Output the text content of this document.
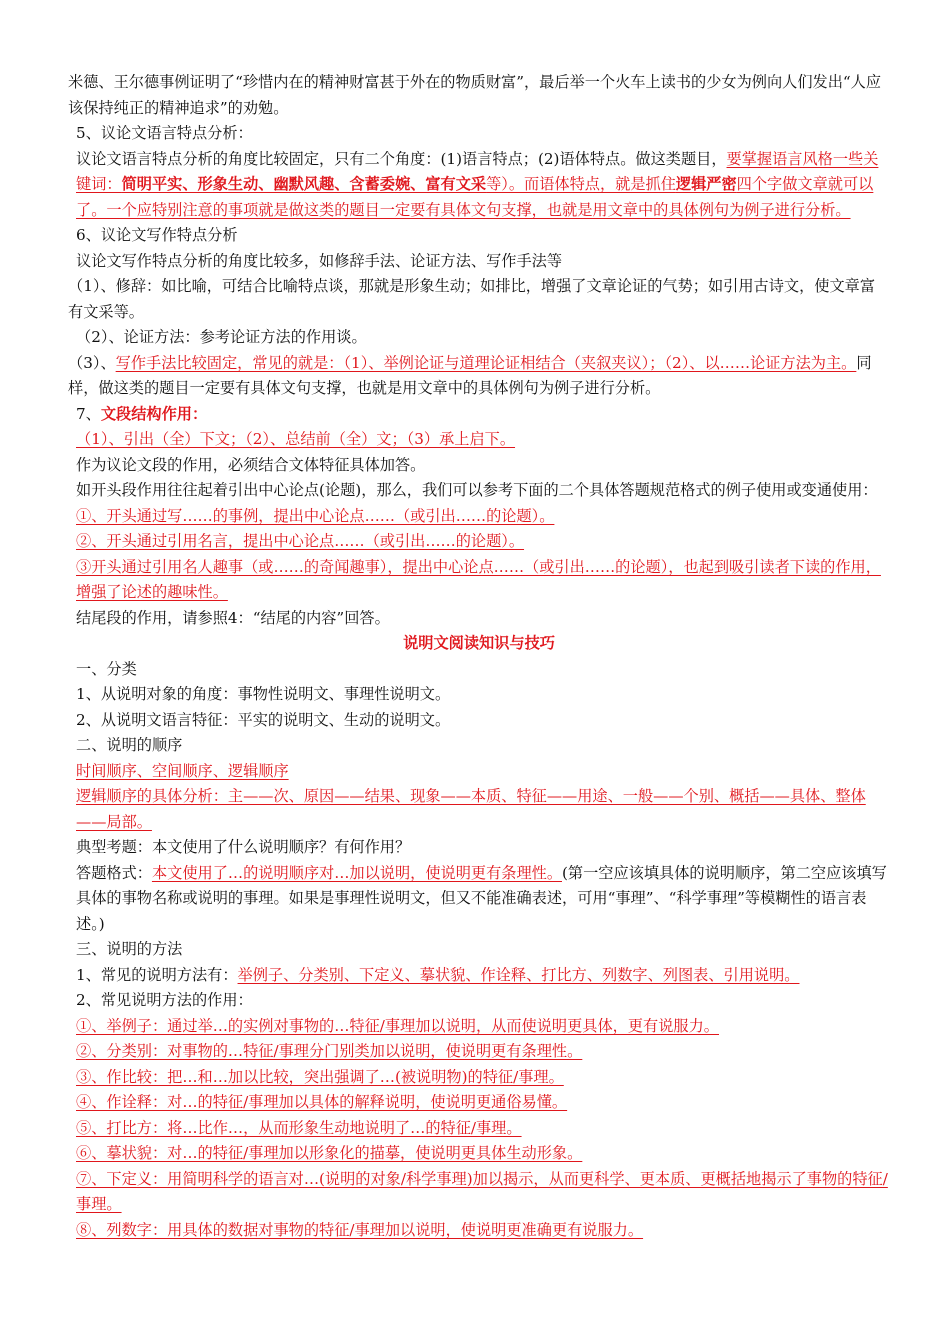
米德、王尔德事例证明了“珍惜内在的精神财富甚于外在的物质财富”，最后举一个火车上读书的少女为例向人们发出“人应该保持纯正的精神追求”的劝勉。

5、议论文语言特点分析：

议论文语言特点分析的角度比较固定，只有二个角度：(1)语言特点；(2)语体特点。做这类题目，要掌握语言风格一些关键词：简明平实、形象生动、幽默风趣、含蓄委婉、富有文采等）。而语体特点，就是抓住逻辑严密四个字做文章就可以了。一个应特别注意的事项就是做这类的题目一定要有具体文句支撑，也就是用文章中的具体例句为例子进行分析。

6、议论文写作特点分析

议论文写作特点分析的角度比较多，如修辞手法、论证方法、写作手法等

（1）、修辞：如比喻，可结合比喻特点谈，那就是形象生动；如排比，增强了文章论证的气势；如引用古诗文，使文章富有文采等。

（2）、论证方法：参考论证方法的作用谈。

（3）、写作手法比较固定，常见的就是：（1）、举例论证与道理论证相结合（夹叙夹议）；（2）、以……论证方法为主。同样，做这类的题目一定要有具体文句支撑，也就是用文章中的具体例句为例子进行分析。

7、文段结构作用：

（1）、引出（全）下文；（2）、总结前（全）文；（3）承上启下。

作为议论文段的作用，必须结合文体特征具体加答。

如开头段作用往往起着引出中心论点(论题)，那么，我们可以参考下面的二个具体答题规范格式的例子使用或变通使用：

①、开头通过写……的事例，提出中心论点……（或引出……的论题）。

②、开头通过引用名言，提出中心论点……（或引出……的论题）。

③开头通过引用名人趣事（或……的奇闻趣事），提出中心论点……（或引出……的论题），也起到吸引读者下读的作用，增强了论述的趣味性。

结尾段的作用，请参照4：“结尾的内容”回答。

说明文阅读知识与技巧

一、分类

1、从说明对象的角度：事物性说明文、事理性说明文。

2、从说明文语言特征：平实的说明文、生动的说明文。

二、说明的顺序

时间顺序、空间顺序、逻辑顺序

逻辑顺序的具体分析：主——次、原因——结果、现象——本质、特征——用途、一般——个别、概括——具体、整体——局部。

典型考题：本文使用了什么说明顺序？有何作用？

答题格式：本文使用了…的说明顺序对…加以说明，使说明更有条理性。(第一空应该填具体的说明顺序，第二空应该填写具体的事物名称或说明的事理。如果是事理性说明文，但又不能准确表述，可用“事理”、“科学事理”等模糊性的语言表述。)

三、说明的方法

1、常见的说明方法有：举例子、分类别、下定义、摹状貌、作诠释、打比方、列数字、列图表、引用说明。

2、常见说明方法的作用：

①、举例子：通过举…的实例对事物的…特征/事理加以说明，从而使说明更具体，更有说服力。

②、分类别：对事物的…特征/事理分门别类加以说明，使说明更有条理性。

③、作比较：把…和…加以比较，突出强调了…(被说明物)的特征/事理。

④、作诠释：对…的特征/事理加以具体的解释说明，使说明更通俗易懂。

⑤、打比方：将…比作…，从而形象生动地说明了…的特征/事理。

⑥、摹状貌：对…的特征/事理加以形象化的描摹，使说明更具体生动形象。

⑦、下定义：用简明科学的语言对…(说明的对象/科学事理)加以揭示，从而更科学、更本质、更概括地揭示了事物的特征/事理。

⑧、列数字：用具体的数据对事物的特征/事理加以说明，使说明更准确更有说服力。
